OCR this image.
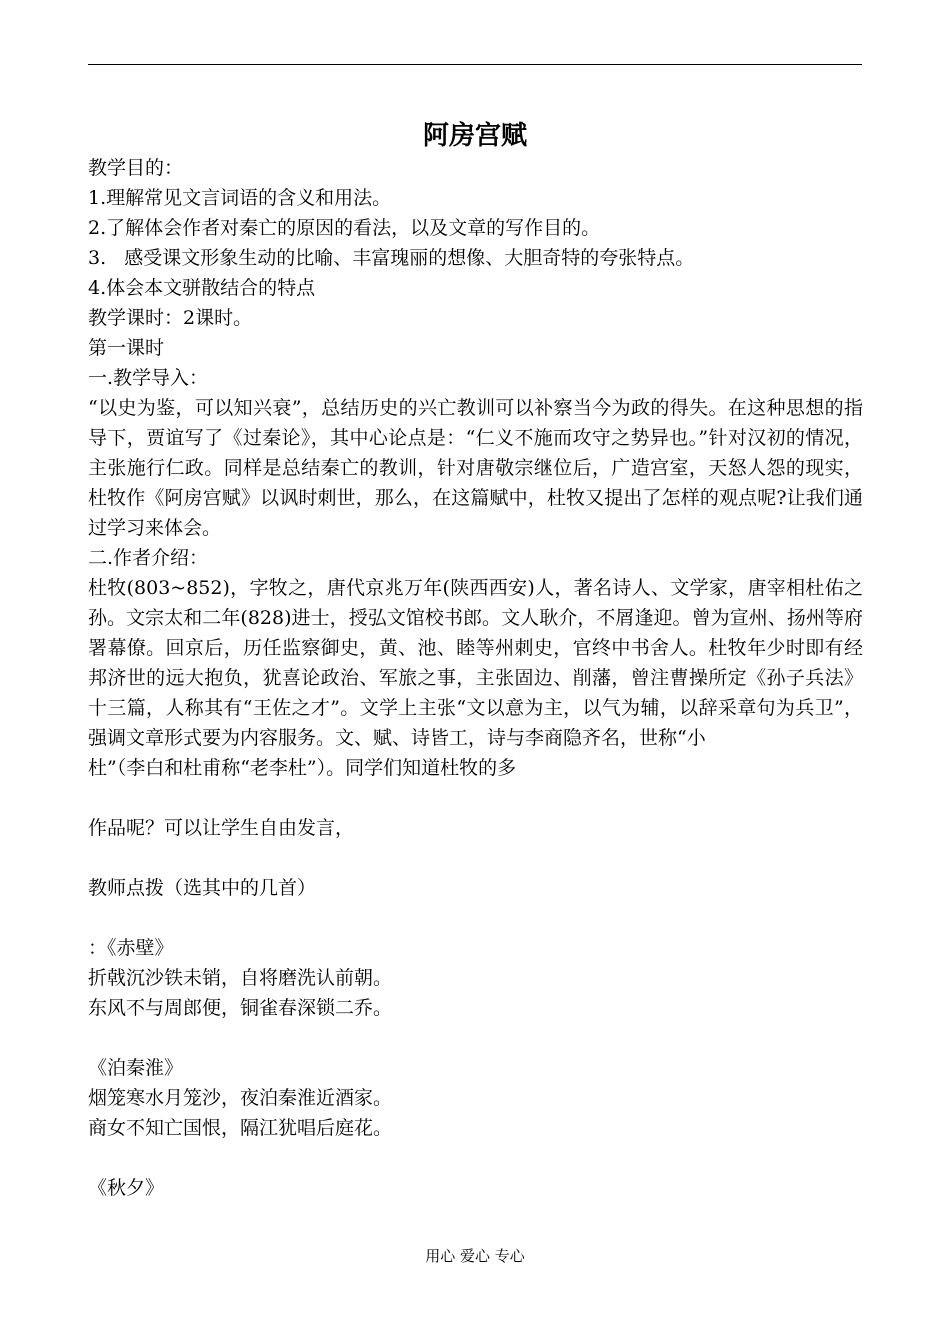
阿房宫赋
教学目的：
1.理解常见文言词语的含义和用法。
2.了解体会作者对秦亡的原因的看法，以及文章的写作目的。
3.   感受课文形象生动的比喻、丰富瑰丽的想像、大胆奇特的夸张特点。
4.体会本文骈散结合的特点
教学课时：2课时。
第一课时
一.教学导入：
“以史为鉴，可以知兴衰”，总结历史的兴亡教训可以补察当今为政的得失。在这种思想的指导下，贾谊写了《过秦论》，其中心论点是：“仁义不施而攻守之势异也。”针对汉初的情况，主张施行仁政。同样是总结秦亡的教训，针对唐敬宗继位后，广造宫室，天怒人怨的现实，杜牧作《阿房宫赋》以讽时刺世，那么，在这篇赋中，杜牧又提出了怎样的观点呢?让我们通过学习来体会。
二.作者介绍：
杜牧(803~852)，字牧之，唐代京兆万年(陕西西安)人，著名诗人、文学家，唐宰相杜佑之孙。文宗太和二年(828)进士，授弘文馆校书郎。文人耿介，不屑逢迎。曾为宣州、扬州等府署幕僚。回京后，历任监察御史，黄、池、睦等州刺史，官终中书舍人。杜牧年少时即有经邦济世的远大抱负，犹喜论政治、军旅之事，主张固边、削藩，曾注曹操所定《孙子兵法》十三篇，人称其有“王佐之才”。文学上主张“文以意为主，以气为辅，以辞采章句为兵卫”，强调文章形式要为内容服务。文、赋、诗皆工，诗与李商隐齐名，世称“小
杜”（李白和杜甫称“老李杜”）。同学们知道杜牧的多
作品呢？可以让学生自由发言，
教师点拨（选其中的几首）
：《赤壁》
折戟沉沙铁未销，自将磨洗认前朝。
东风不与周郎便，铜雀春深锁二乔。
《泊秦淮》
烟笼寒水月笼沙，夜泊秦淮近酒家。
商女不知亡国恨，隔江犹唱后庭花。
《秋夕》
用心 爱心 专心
